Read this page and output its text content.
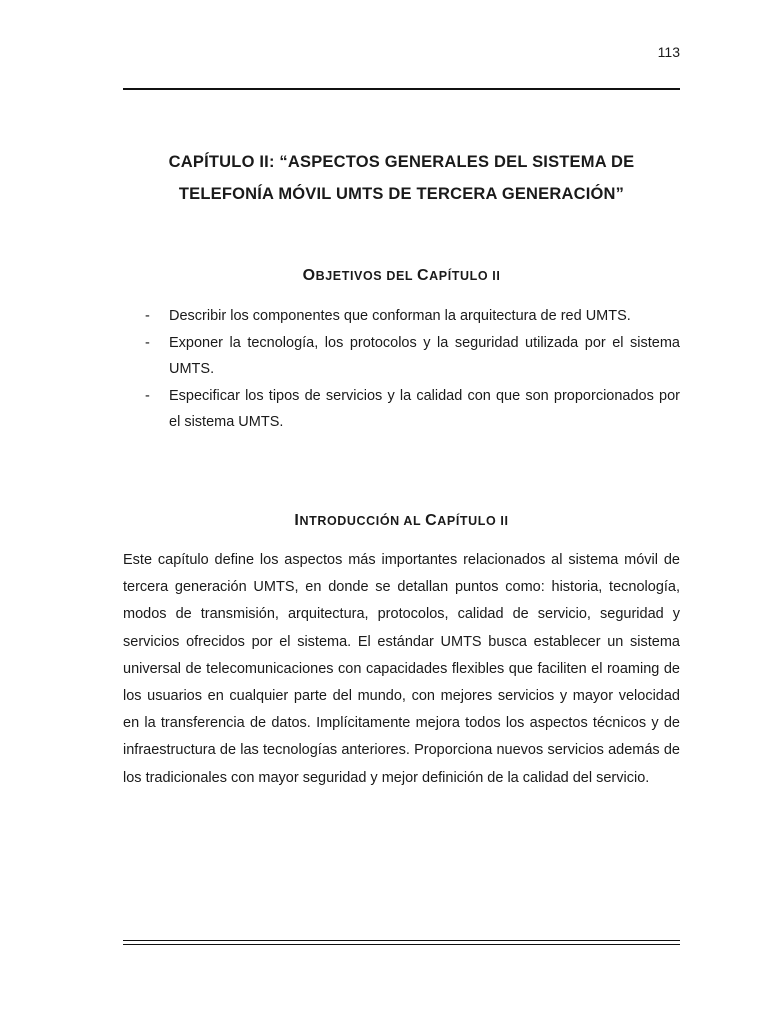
113
CAPÍTULO II: “ASPECTOS GENERALES DEL SISTEMA DE
TELEFONÍA MÓVIL UMTS DE TERCERA GENERACIÓN”
OBJETIVOS DEL CAPÍTULO II
- Describir los componentes que conforman la arquitectura de red UMTS.
- Exponer la tecnología, los protocolos y la seguridad utilizada por el sistema UMTS.
- Especificar los tipos de servicios y la calidad con que son proporcionados por el sistema UMTS.
INTRODUCCIÓN AL CAPÍTULO II

Este capítulo define los aspectos más importantes relacionados al sistema móvil de tercera generación UMTS, en donde se detallan puntos como: historia, tecnología, modos de transmisión, arquitectura, protocolos, calidad de servicio, seguridad y servicios ofrecidos por el sistema. El estándar UMTS busca establecer un sistema universal de telecomunicaciones con capacidades flexibles que faciliten el roaming de los usuarios en cualquier parte del mundo, con mejores servicios y mayor velocidad en la transferencia de datos. Implícitamente mejora todos los aspectos técnicos y de infraestructura de las tecnologías anteriores. Proporciona nuevos servicios además de los tradicionales con mayor seguridad y mejor definición de la calidad del servicio.
